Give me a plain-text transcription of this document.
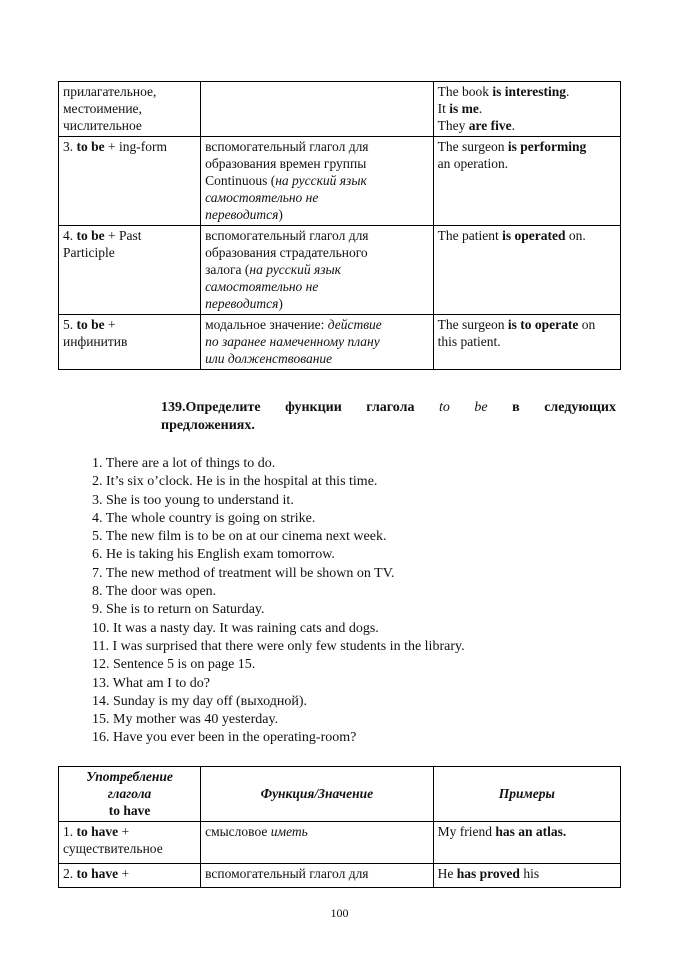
прилагательное,
местоимение,
числительное		The book is interesting.
It is me.
They are five.

3. to be + ing-form	вспомогательный глагол для
образования времен группы
Continuous (на русский язык
самостоятельно не
переводится)	The surgeon is performing
an operation.

4. to be + Past
Participle	вспомогательный глагол для
образования страдательного
залога (на русский язык
самостоятельно не
переводится)	The patient is operated on.

5. to be +
инфинитив	модальное значение: действие
по заранее намеченному плану
или долженствование	The surgeon is to operate on
this patient.
139.Определите функции глагола to be в следующих
предложениях.
1. There are a lot of things to do.
2. It’s six o’clock. He is in the hospital at this time.
3. She is too young to understand it.
4. The whole country is going on strike.
5. The new film is to be on at our cinema next week.
6. He is taking his English exam tomorrow.
7. The new method of treatment will be shown on TV.
8. The door was open.
9. She is to return on Saturday.
10. It was a nasty day. It was raining cats and dogs.
11. I was surprised that there were only few students in the library.
12. Sentence 5 is on page 15.
13. What am I to do?
14. Sunday is my day off (выходной).
15. My mother was 40 yesterday.
16. Have you ever been in the operating-room?
Употребление
глагола
to have	Функция/Значение	Примеры

1. to have +
существительное	смысловое иметь	My friend has an atlas.

2. to have +	вспомогательный глагол для	He has proved his
100
